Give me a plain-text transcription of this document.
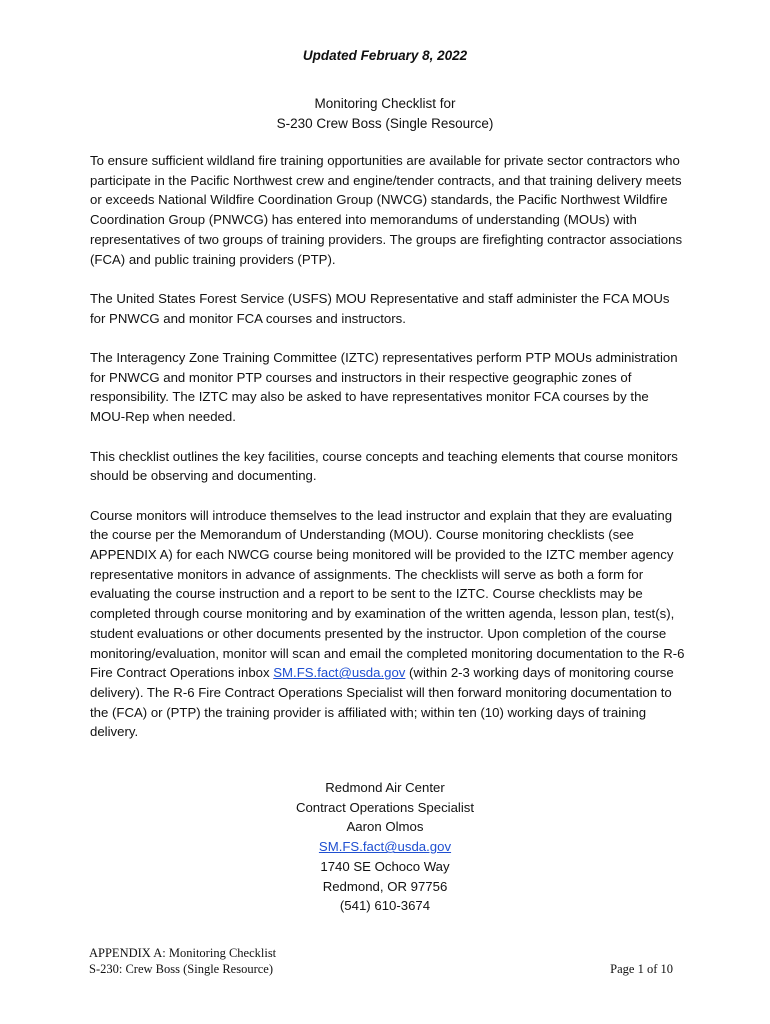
Updated February 8, 2022
Monitoring Checklist for
S-230 Crew Boss (Single Resource)

To ensure sufficient wildland fire training opportunities are available for private sector contractors who participate in the Pacific Northwest crew and engine/tender contracts, and that training delivery meets or exceeds National Wildfire Coordination Group (NWCG) standards, the Pacific Northwest Wildfire Coordination Group (PNWCG) has entered into memorandums of understanding (MOUs) with representatives of two groups of training providers. The groups are firefighting contractor associations (FCA) and public training providers (PTP).

The United States Forest Service (USFS) MOU Representative and staff administer the FCA MOUs for PNWCG and monitor FCA courses and instructors.

The Interagency Zone Training Committee (IZTC) representatives perform PTP MOUs administration for PNWCG and monitor PTP courses and instructors in their respective geographic zones of responsibility. The IZTC may also be asked to have representatives monitor FCA courses by the MOU-Rep when needed.

This checklist outlines the key facilities, course concepts and teaching elements that course monitors should be observing and documenting.

Course monitors will introduce themselves to the lead instructor and explain that they are evaluating the course per the Memorandum of Understanding (MOU). Course monitoring checklists (see APPENDIX A) for each NWCG course being monitored will be provided to the IZTC member agency representative monitors in advance of assignments. The checklists will serve as both a form for evaluating the course instruction and a report to be sent to the IZTC. Course checklists may be completed through course monitoring and by examination of the written agenda, lesson plan, test(s), student evaluations or other documents presented by the instructor. Upon completion of the course monitoring/evaluation, monitor will scan and email the completed monitoring documentation to the R-6 Fire Contract Operations inbox SM.FS.fact@usda.gov (within 2-3 working days of monitoring course delivery). The R-6 Fire Contract Operations Specialist will then forward monitoring documentation to the (FCA) or (PTP) the training provider is affiliated with; within ten (10) working days of training delivery.

Redmond Air Center
Contract Operations Specialist
Aaron Olmos
SM.FS.fact@usda.gov
1740 SE Ochoco Way
Redmond, OR 97756
(541) 610-3674
APPENDIX A: Monitoring Checklist
S-230: Crew Boss (Single Resource)	Page 1 of 10
